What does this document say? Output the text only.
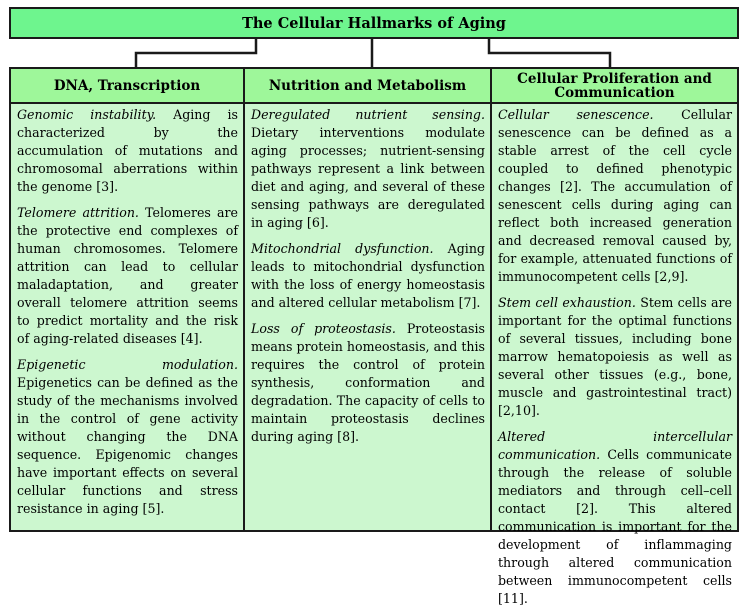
The Cellular Hallmarks of Aging
DNA, Transcription

Genomic instability. Aging is characterized by the accumulation of mutations and chromosomal aberrations within the genome [3].

Telomere attrition. Telomeres are the protective end complexes of human chromosomes. Telomere attrition can lead to cellular maladaptation, and greater overall telomere attrition seems to predict mortality and the risk of aging-related diseases [4].

Epigenetic modulation. Epigenetics can be defined as the study of the mechanisms involved in the control of gene activity without changing the DNA sequence. Epigenomic changes have important effects on several cellular functions and stress resistance in aging [5].

Nutrition and Metabolism

Deregulated nutrient sensing. Dietary interventions modulate aging processes; nutrient-sensing pathways represent a link between diet and aging, and several of these sensing pathways are deregulated in aging [6].

Mitochondrial dysfunction. Aging leads to mitochondrial dysfunction with the loss of energy homeostasis and altered cellular metabolism [7].

Loss of proteostasis. Proteostasis means protein homeostasis, and this requires the control of protein synthesis, conformation and degradation. The capacity of cells to maintain proteostasis declines during aging [8].

Cellular Proliferation and Communication

Cellular senescence. Cellular senescence can be defined as a stable arrest of the cell cycle coupled to defined phenotypic changes [2]. The accumulation of senescent cells during aging can reflect both increased generation and decreased removal caused by, for example, attenuated functions of immunocompetent cells [2,9].

Stem cell exhaustion. Stem cells are important for the optimal functions of several tissues, including bone marrow hematopoiesis as well as several other tissues (e.g., bone, muscle and gastrointestinal tract) [2,10].

Altered intercellular communication. Cells communicate through the release of soluble mediators and through cell–cell contact [2]. This altered communication is important for the development of inflammaging through altered communication between immunocompetent cells [11].
